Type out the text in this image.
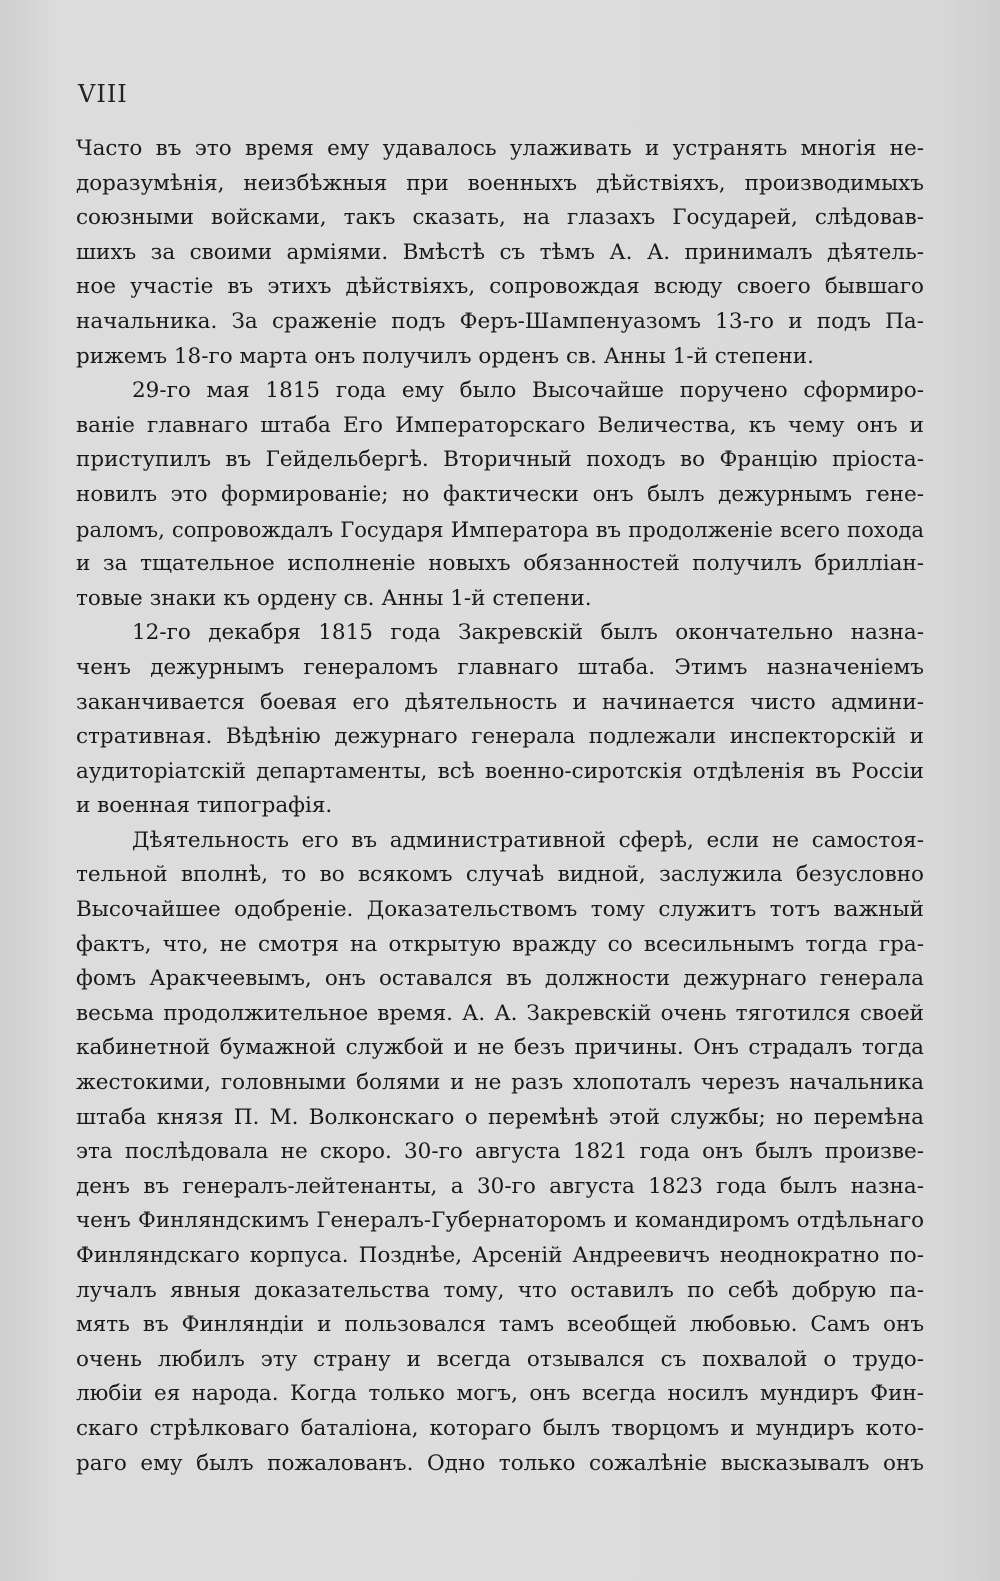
VIII
Часто въ это время ему удавалось улаживать и устранять многія не-
доразумѣнія, неизбѣжныя при военныхъ дѣйствіяхъ, производимыхъ
союзными войсками, такъ сказать, на глазахъ Государей, слѣдовав-
шихъ за своими арміями. Вмѣстѣ съ тѣмъ А. А. принималъ дѣятель-
ное участіе въ этихъ дѣйствіяхъ, сопровождая всюду своего бывшаго
начальника. За сраженіе подъ Феръ-Шампенуазомъ 13-го и подъ Па-
рижемъ 18-го марта онъ получилъ орденъ св. Анны 1-й степени.
29-го мая 1815 года ему было Высочайше поручено сформиро-
ваніе главнаго штаба Его Императорскаго Величества, къ чему онъ и
приступилъ въ Гейдельбергѣ. Вторичный походъ во Францію пріоста-
новилъ это формированіе; но фактически онъ былъ дежурнымъ гене-
раломъ, сопровождалъ Государя Императора въ продолженіе всего похода
и за тщательное исполненіе новыхъ обязанностей получилъ брилліан-
товые знаки къ ордену св. Анны 1-й степени.
12-го декабря 1815 года Закревскій былъ окончательно назна-
ченъ дежурнымъ генераломъ главнаго штаба. Этимъ назначеніемъ
заканчивается боевая его дѣятельность и начинается чисто админи-
стративная. Вѣдѣнію дежурнаго генерала подлежали инспекторскій и
аудиторіатскій департаменты, всѣ военно-сиротскія отдѣленія въ Россіи
и военная типографія.
Дѣятельность его въ административной сферѣ, если не самостоя-
тельной вполнѣ, то во всякомъ случаѣ видной, заслужила безусловно
Высочайшее одобреніе. Доказательствомъ тому служитъ тотъ важный
фактъ, что, не смотря на открытую вражду со всесильнымъ тогда гра-
фомъ Аракчеевымъ, онъ оставался въ должности дежурнаго генерала
весьма продолжительное время. А. А. Закревскій очень тяготился своей
кабинетной бумажной службой и не безъ причины. Онъ страдалъ тогда
жестокими, головными болями и не разъ хлопоталъ черезъ начальника
штаба князя П. М. Волконскаго о перемѣнѣ этой службы; но перемѣна
эта послѣдовала не скоро. 30-го августа 1821 года онъ былъ произве-
денъ въ генералъ-лейтенанты, а 30-го августа 1823 года былъ назна-
ченъ Финляндскимъ Генералъ-Губернаторомъ и командиромъ отдѣльнаго
Финляндскаго корпуса. Позднѣе, Арсеній Андреевичъ неоднократно по-
лучалъ явныя доказательства тому, что оставилъ по себѣ добрую па-
мять въ Финляндіи и пользовался тамъ всеобщей любовью. Самъ онъ
очень любилъ эту страну и всегда отзывался съ похвалой о трудо-
любіи ея народа. Когда только могъ, онъ всегда носилъ мундиръ Фин-
скаго стрѣлковаго баталіона, котораго былъ творцомъ и мундиръ кото-
раго ему былъ пожалованъ. Одно только сожалѣніе высказывалъ онъ
